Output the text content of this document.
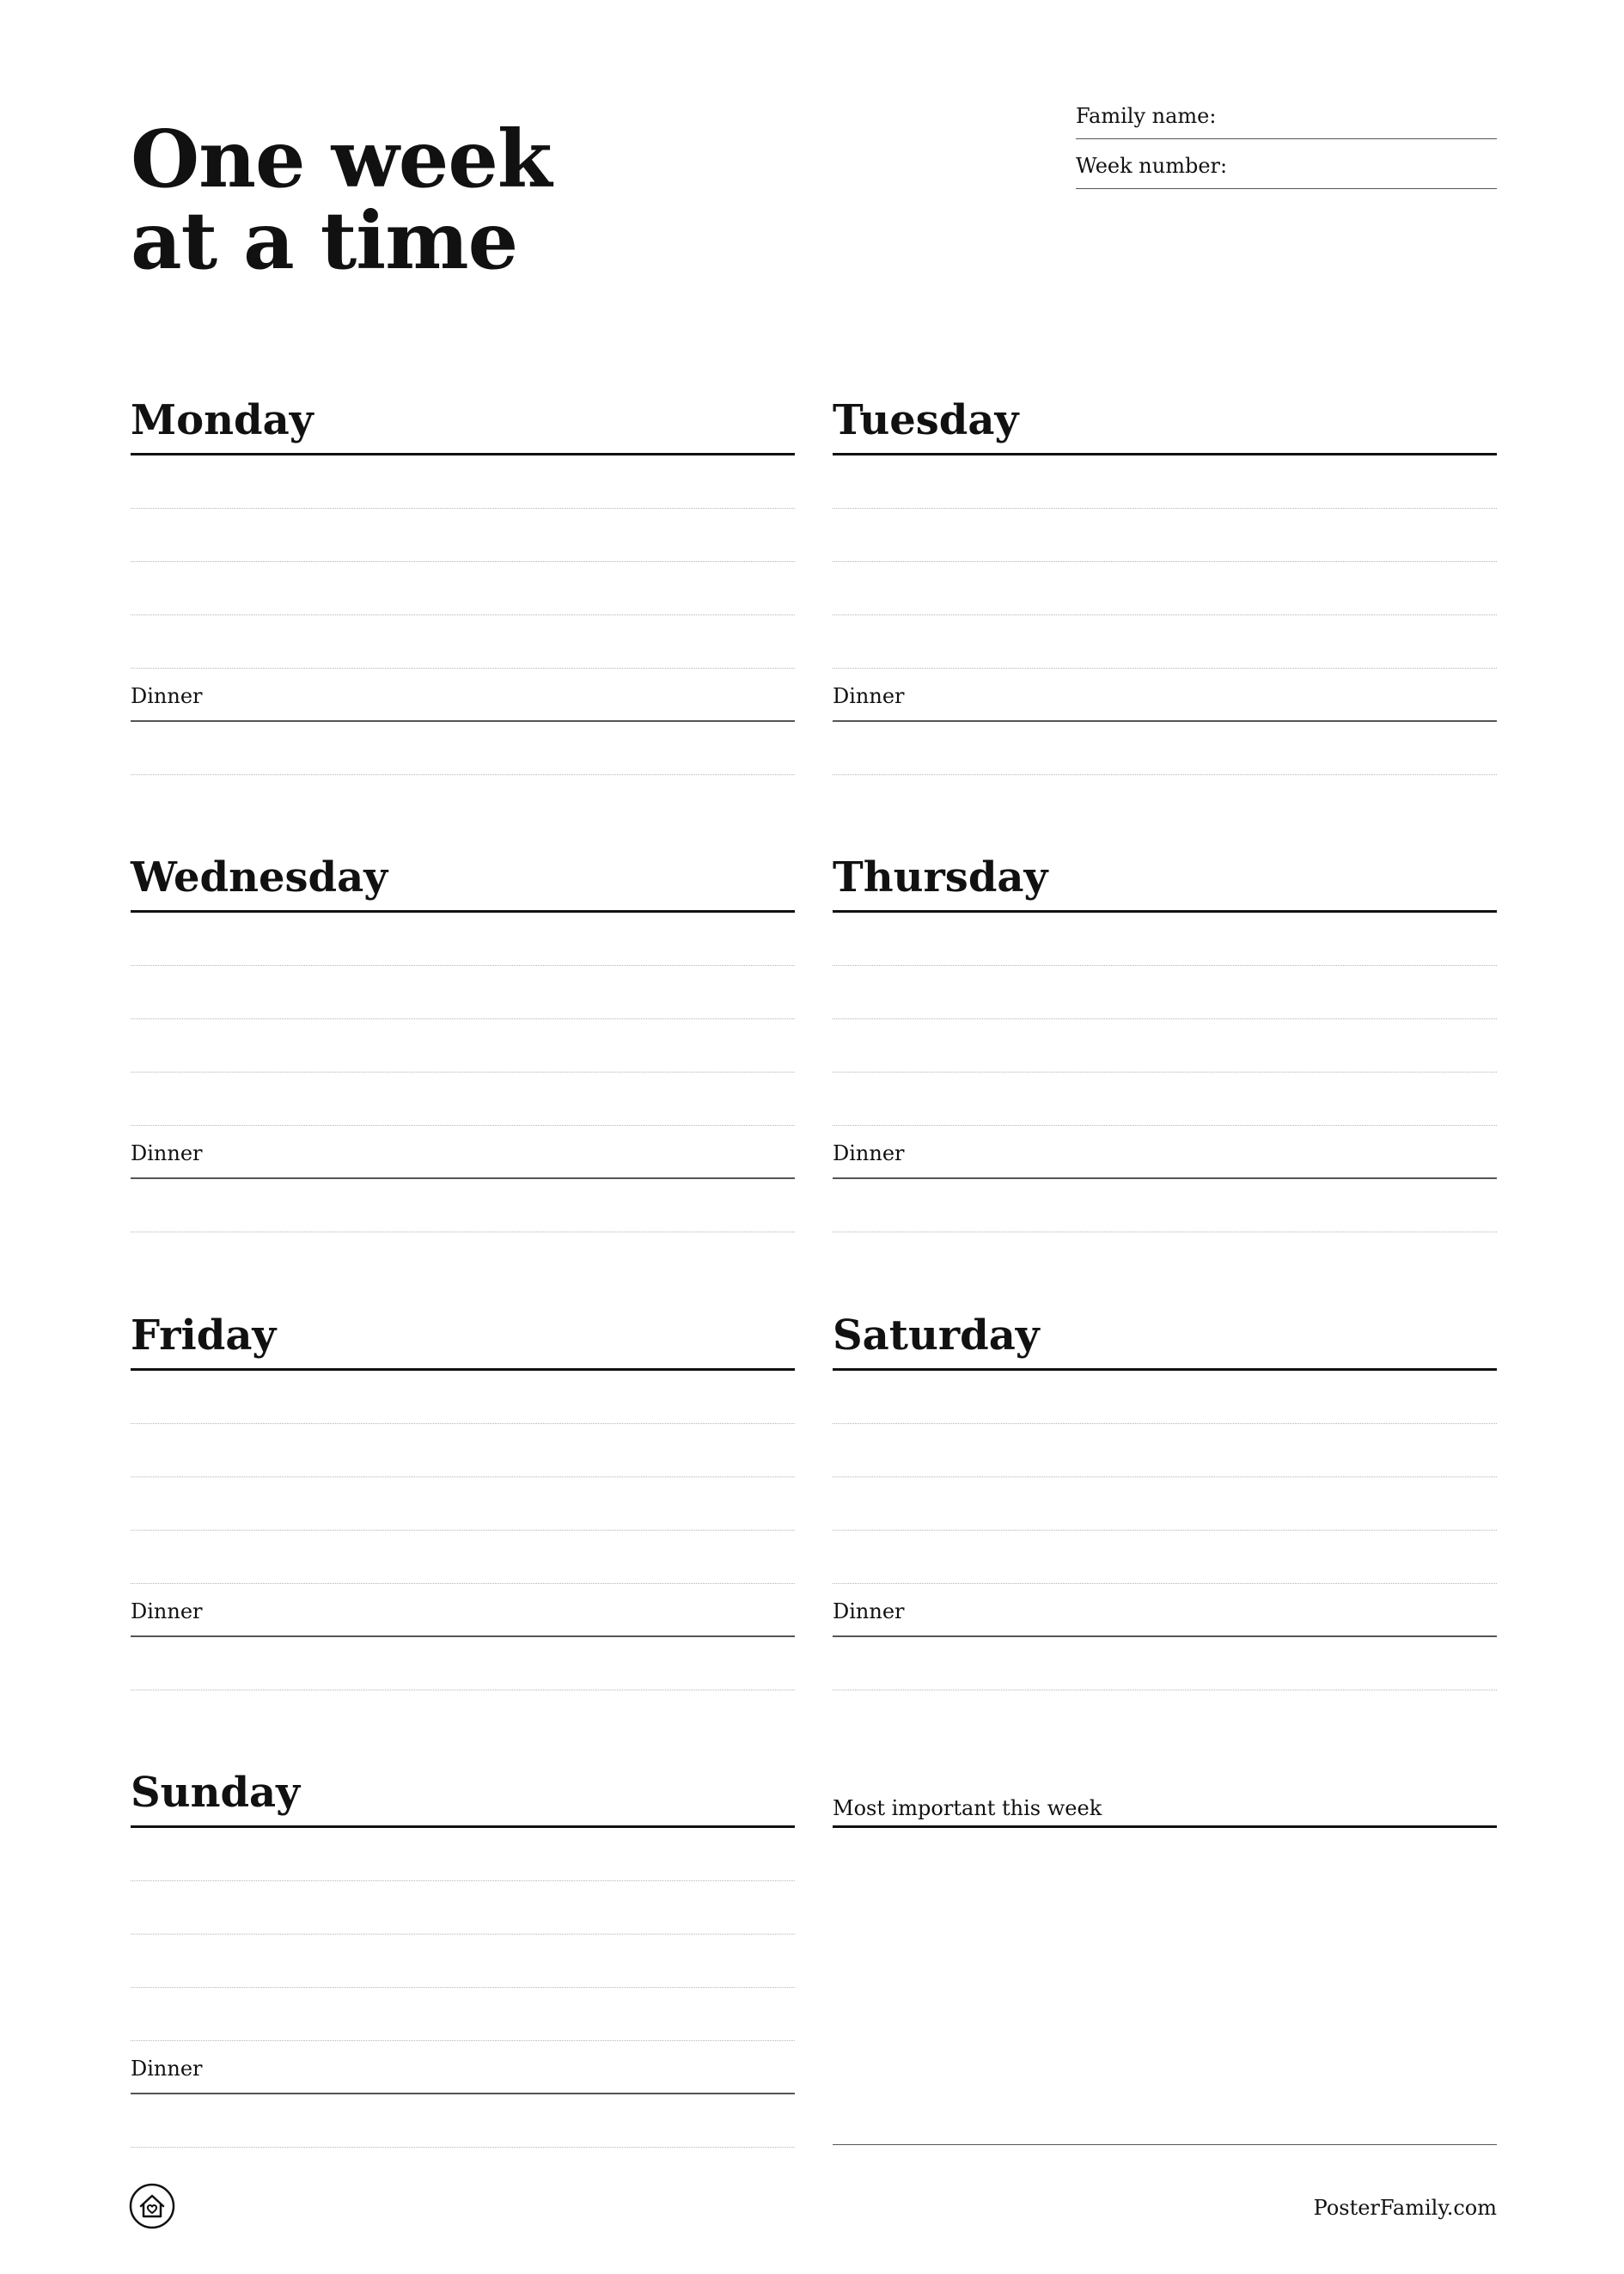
One week
at a time
Family name:
Week number:
Monday
Dinner
Tuesday
Dinner
Wednesday
Dinner
Thursday
Dinner
Friday
Dinner
Saturday
Dinner
Sunday
Dinner
Most important this week
PosterFamily.com
